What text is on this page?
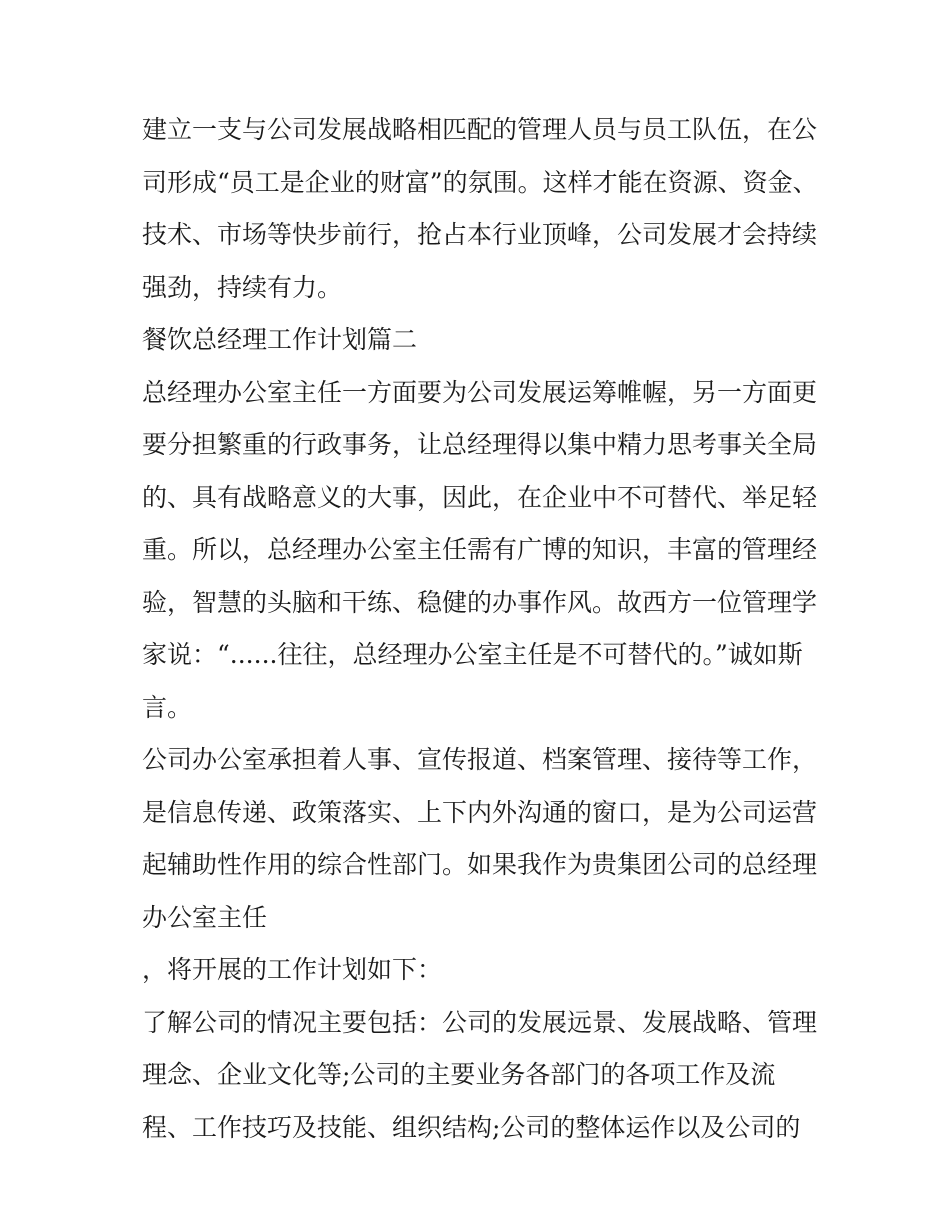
建立一支与公司发展战略相匹配的管理人员与员工队伍，在公
司形成“员工是企业的财富”的氛围。这样才能在资源、资金、
技术、市场等快步前行，抢占本行业顶峰，公司发展才会持续
强劲，持续有力。
餐饮总经理工作计划篇二
总经理办公室主任一方面要为公司发展运筹帷幄，另一方面更
要分担繁重的行政事务，让总经理得以集中精力思考事关全局
的、具有战略意义的大事，因此，在企业中不可替代、举足轻
重。所以，总经理办公室主任需有广博的知识，丰富的管理经
验，智慧的头脑和干练、稳健的办事作风。故西方一位管理学
家说：“......往往，总经理办公室主任是不可替代的。”诚如斯
言。
公司办公室承担着人事、宣传报道、档案管理、接待等工作，
是信息传递、政策落实、上下内外沟通的窗口，是为公司运营
起辅助性作用的综合性部门。如果我作为贵集团公司的总经理
办公室主任
，将开展的工作计划如下：
了解公司的情况主要包括：公司的发展远景、发展战略、管理
理念、企业文化等;公司的主要业务各部门的各项工作及流
程、工作技巧及技能、组织结构;公司的整体运作以及公司的
